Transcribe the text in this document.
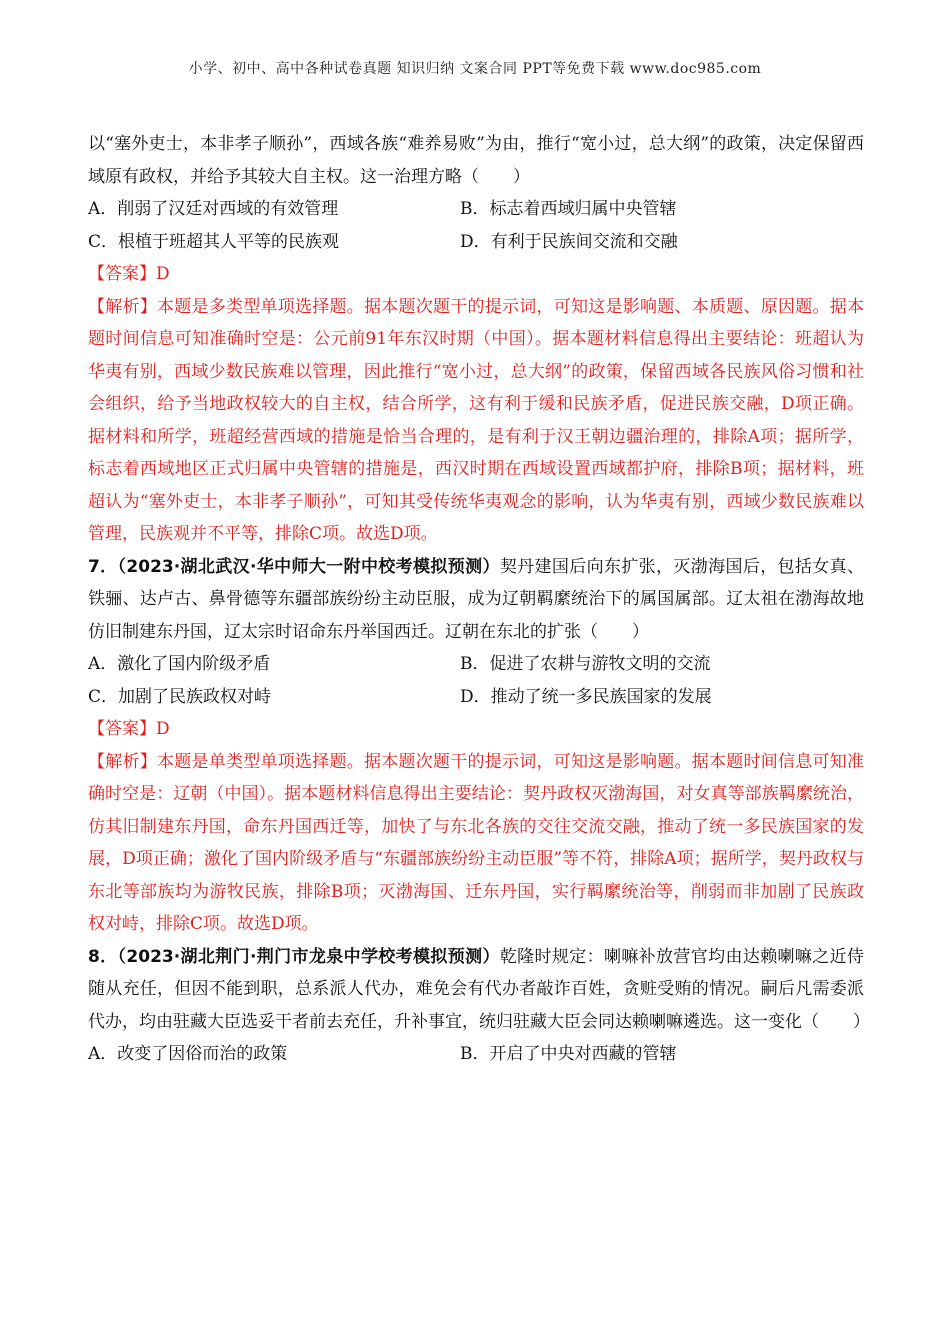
小学、初中、高中各种试卷真题 知识归纳 文案合同 PPT等免费下载 www.doc985.com

以“塞外吏士，本非孝子顺孙”，西域各族“难养易败”为由，推行“宽小过，总大纲”的政策，决定保留西域原有政权，并给予其较大自主权。这一治理方略（　　）

A．削弱了汉廷对西域的有效管理	B．标志着西域归属中央管辖
C．根植于班超其人平等的民族观	D．有利于民族间交流和交融

【答案】D

【解析】本题是多类型单项选择题。据本题次题干的提示词，可知这是影响题、本质题、原因题。据本题时间信息可知准确时空是：公元前91年东汉时期（中国）。据本题材料信息得出主要结论：班超认为华夷有别，西域少数民族难以管理，因此推行“宽小过，总大纲”的政策，保留西域各民族风俗习惯和社会组织，给予当地政权较大的自主权，结合所学，这有利于缓和民族矛盾，促进民族交融，D项正确。据材料和所学，班超经营西域的措施是恰当合理的，是有利于汉王朝边疆治理的，排除A项；据所学，标志着西域地区正式归属中央管辖的措施是，西汉时期在西域设置西域都护府，排除B项；据材料，班超认为“塞外吏士，本非孝子顺孙”，可知其受传统华夷观念的影响，认为华夷有别，西域少数民族难以管理，民族观并不平等，排除C项。故选D项。

7．（2023·湖北武汉·华中师大一附中校考模拟预测）契丹建国后向东扩张，灭渤海国后，包括女真、铁骊、达卢古、鼻骨德等东疆部族纷纷主动臣服，成为辽朝羁縻统治下的属国属部。辽太祖在渤海故地仿旧制建东丹国，辽太宗时诏命东丹举国西迁。辽朝在东北的扩张（　　）

A．激化了国内阶级矛盾	B．促进了农耕与游牧文明的交流
C．加剧了民族政权对峙	D．推动了统一多民族国家的发展

【答案】D

【解析】本题是单类型单项选择题。据本题次题干的提示词，可知这是影响题。据本题时间信息可知准确时空是：辽朝（中国）。据本题材料信息得出主要结论：契丹政权灭渤海国，对女真等部族羁縻统治，仿其旧制建东丹国，命东丹国西迁等，加快了与东北各族的交往交流交融，推动了统一多民族国家的发展，D项正确；激化了国内阶级矛盾与“东疆部族纷纷主动臣服”等不符，排除A项；据所学，契丹政权与东北等部族均为游牧民族，排除B项；灭渤海国、迁东丹国，实行羁縻统治等，削弱而非加剧了民族政权对峙，排除C项。故选D项。

8．（2023·湖北荆门·荆门市龙泉中学校考模拟预测）乾隆时规定：喇嘛补放营官均由达赖喇嘛之近侍随从充任，但因不能到职，总系派人代办，难免会有代办者敲诈百姓，贪赃受贿的情况。嗣后凡需委派代办，均由驻藏大臣选妥干者前去充任，升补事宜，统归驻藏大臣会同达赖喇嘛遴选。这一变化（　　）

A．改变了因俗而治的政策	B．开启了中央对西藏的管辖
